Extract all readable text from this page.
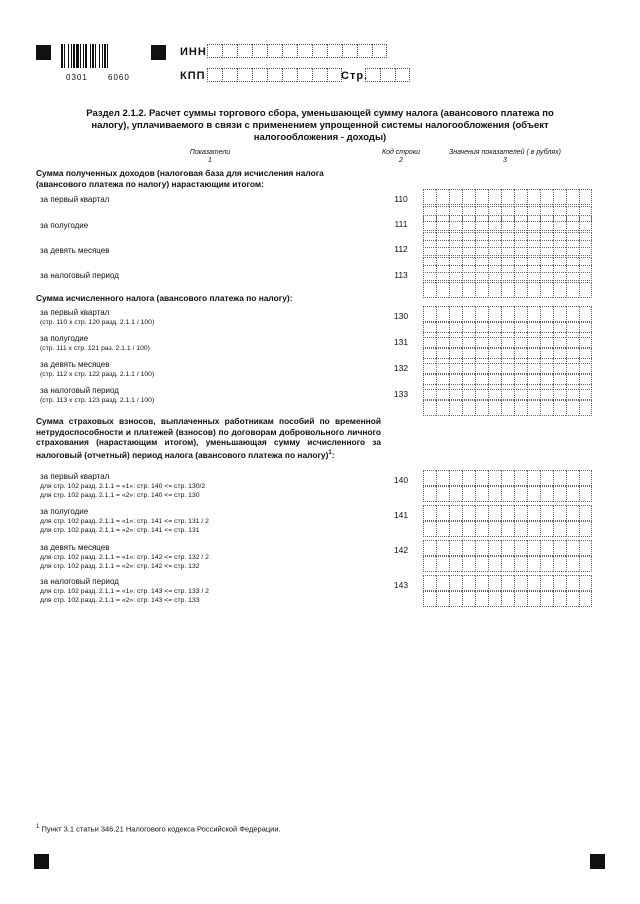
0301	6060
ИНН
КПП	Стр.
Раздел 2.1.2. Расчет суммы торгового сбора, уменьшающей сумму налога (авансового платежа по налогу), уплачиваемого в связи с применением упрощенной системы налогообложения (объект налогообложения - доходы)
Показатели
1
Код строки
2
Значения показателей ( в рублях)
3
Сумма полученных доходов (налоговая база для исчисления налога (авансового платежа по налогу) нарастающим итогом:
за первый квартал	110
за полугодие	111
за девять месяцев	112
за налоговый период	113
Сумма исчисленного налога (авансового платежа по налогу):
за первый квартал
(стр. 110 х стр. 120 разд. 2.1.1 / 100)
130
за полугодие
(стр. 111 х стр. 121 раз. 2.1.1 / 100)
131
за девять месяцев
(стр. 112 х стр. 122 разд. 2.1.1 / 100)
132
за налоговый период
(стр. 113 х стр. 123 разд. 2.1.1 / 100)
133
Сумма страховых взносов, выплаченных работникам пособий по временной нетрудоспособности и платежей (взносов) по договорам добровольного личного страхования (нарастающим итогом), уменьшающая сумму исчисленного за налоговый (отчетный) период налога (авансового платежа по налогу)$^1$:
за первый квартал
для стр. 102 разд. 2.1.1 = «1»: стр. 140 <= стр. 130/2
для стр. 102 разд. 2.1.1 = «2»: стр. 140 <= стр. 130
140
за полугодие
для стр. 102 разд. 2.1.1 = «1»: стр. 141 <= стр. 131 / 2
для стр. 102 разд. 2.1.1 = «2»: стр. 141 <= стр. 131
141
за девять месяцев
для стр. 102 разд. 2.1.1 = «1»: стр. 142 <= стр. 132 / 2
для стр. 102 разд. 2.1.1 = «2»: стр. 142 <= стр. 132
142
за налоговый период
для стр. 102 разд. 2.1.1 = «1»: стр. 143 <= стр. 133 / 2
для стр. 102 разд. 2.1.1 = «2»: стр. 143 <= стр. 133
143
$^1$ Пункт 3.1 статьи 346.21 Налогового кодекса Российской Федерации.
